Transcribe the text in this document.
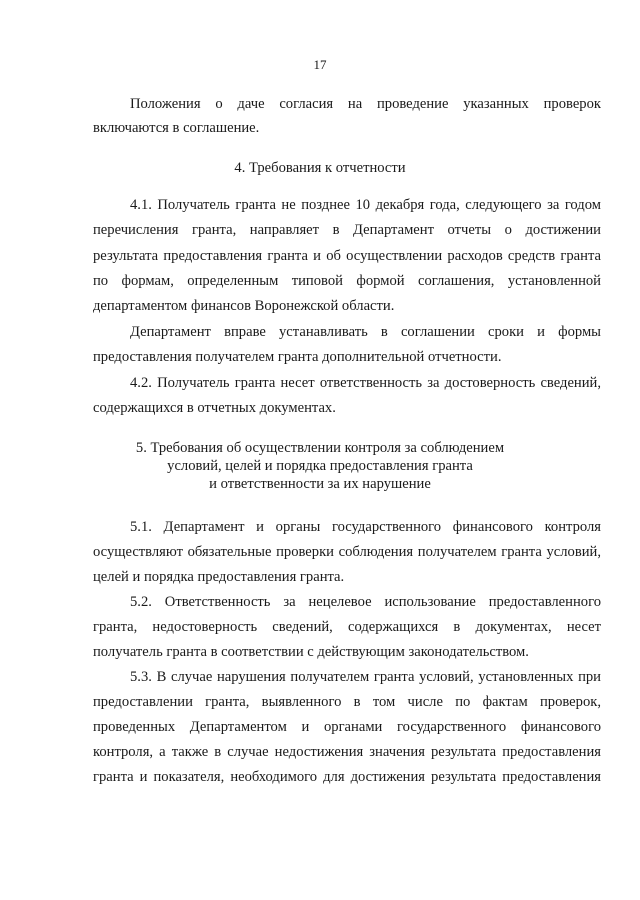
17
Положения о даче согласия на проведение указанных проверок
включаются в соглашение.
4. Требования к отчетности
4.1. Получатель гранта не позднее 10 декабря года, следующего за годом
перечисления гранта, направляет в Департамент отчеты о достижении
результата предоставления гранта и об осуществлении расходов средств гранта
по формам, определенным типовой формой соглашения, установленной
департаментом финансов Воронежской области.
Департамент вправе устанавливать в соглашении сроки и формы
предоставления получателем гранта дополнительной отчетности.
4.2. Получатель гранта несет ответственность за достоверность сведений,
содержащихся в отчетных документах.
5. Требования об осуществлении контроля за соблюдением
условий, целей и порядка предоставления гранта
и ответственности за их нарушение
5.1. Департамент и органы государственного финансового контроля
осуществляют обязательные проверки соблюдения получателем гранта условий,
целей и порядка предоставления гранта.
5.2. Ответственность за нецелевое использование предоставленного
гранта, недостоверность сведений, содержащихся в документах, несет
получатель гранта в соответствии с действующим законодательством.
5.3. В случае нарушения получателем гранта условий, установленных при
предоставлении гранта, выявленного в том числе по фактам проверок,
проведенных Департаментом и органами государственного финансового
контроля, а также в случае недостижения значения результата предоставления
гранта и показателя, необходимого для достижения результата предоставления
